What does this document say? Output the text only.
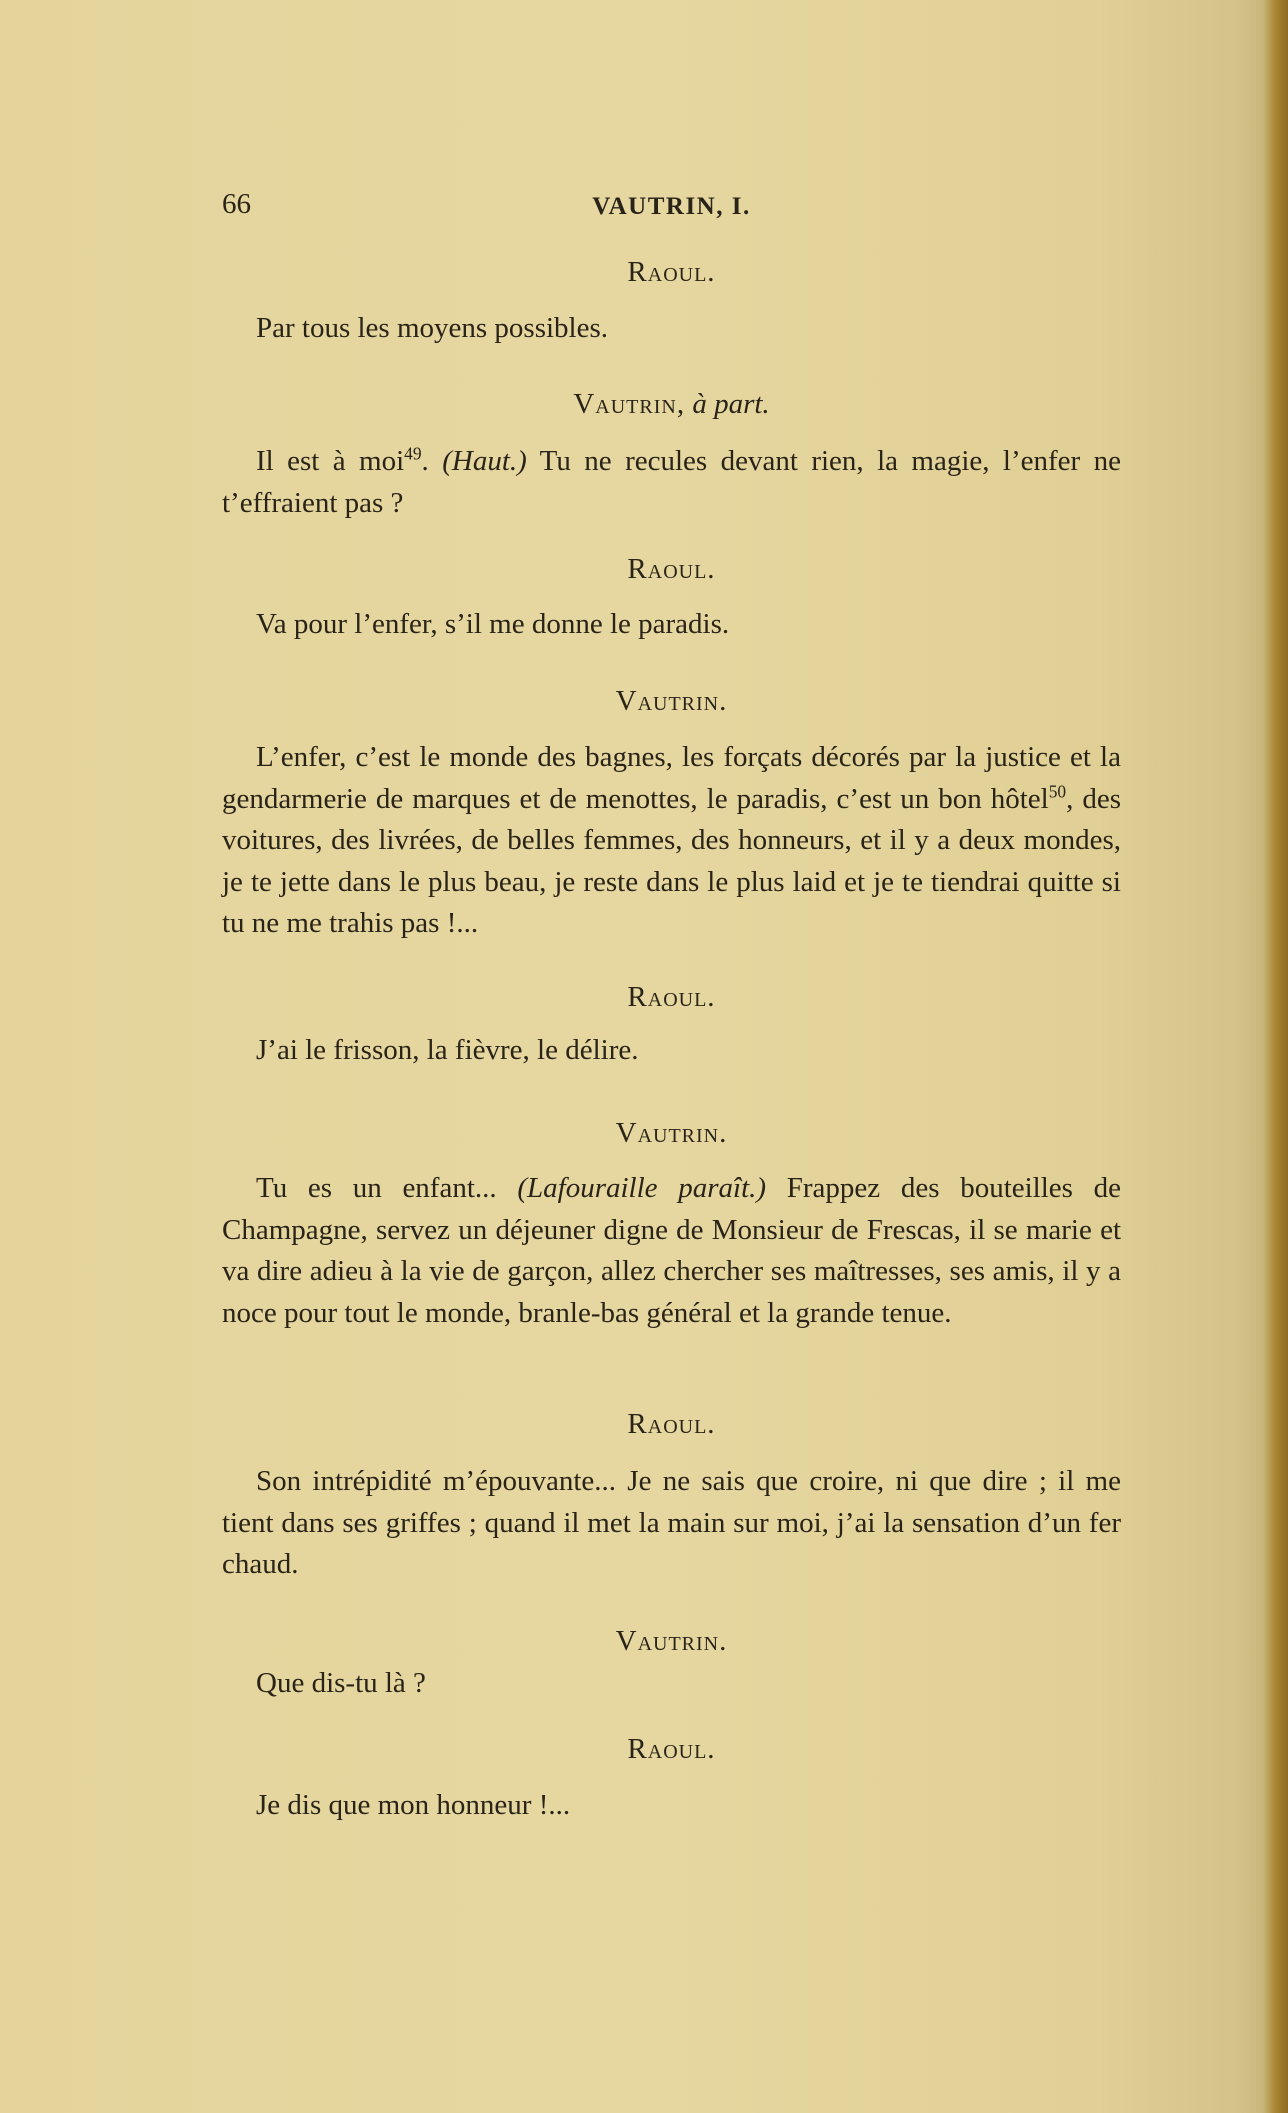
66	VAUTRIN, I.
Raoul.
Par tous les moyens possibles.
Vautrin, à part.
Il est à moi$^{49}$. (Haut.) Tu ne recules devant rien, la magie, l’enfer ne t’effraient pas ?
Raoul.
Va pour l’enfer, s’il me donne le paradis.
Vautrin.
L’enfer, c’est le monde des bagnes, les forçats décorés par la justice et la gendarmerie de marques et de menottes, le paradis, c’est un bon hôtel$^{50}$, des voitures, des livrées, de belles femmes, des honneurs, et il y a deux mondes, je te jette dans le plus beau, je reste dans le plus laid et je te tiendrai quitte si tu ne me trahis pas !...
Raoul.
J’ai le frisson, la fièvre, le délire.
Vautrin.
Tu es un enfant... (Lafouraille paraît.) Frappez des bouteilles de Champagne, servez un déjeuner digne de Monsieur de Frescas, il se marie et va dire adieu à la vie de garçon, allez chercher ses maîtresses, ses amis, il y a noce pour tout le monde, branle-bas général et la grande tenue.
Raoul.
Son intrépidité m’épouvante... Je ne sais que croire, ni que dire ; il me tient dans ses griffes ; quand il met la main sur moi, j’ai la sensation d’un fer chaud.
Vautrin.
Que dis-tu là ?
Raoul.
Je dis que mon honneur !...
